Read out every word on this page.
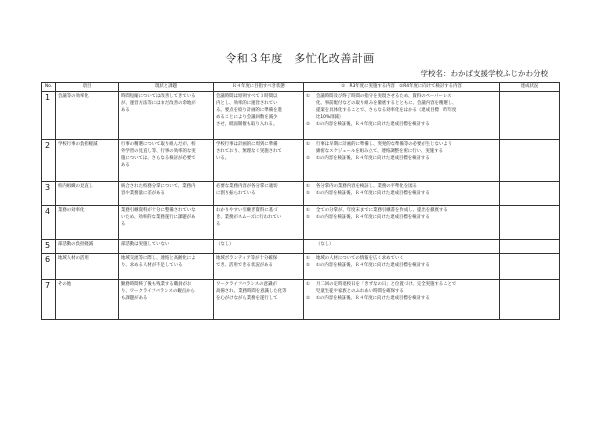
令和３年度　多忙化改善計画
学校名：わかば支援学校ふじかわ分校
No.	項目	現状と課題	Ｒ４年度に目指すべき状態	①　R3年度に実施する内容　②R4年度に向けて検討する内容	達成状況
1	会議等の効率化	時間短縮については改善してきている
が、運営方法等にはまだ改善の余地が
ある	会議時間は原則すべて１時間以
内とし、効率的に運営されてい
る。要点を絞り計画的に準備を進
めることにより会議回数を減少
させ、紙面開催も取り入れる。	① 会議時間及び终了時間の指守を実現させるため、資料のペーパーレス
化、事前配付などの取り組みを徹底するとともに、会議内容を精選し、
提案を具体化することで、さらなる効率化をはかる（達成目標　昨年度
比10%削減）
② ①の内容を検証後、Ｒ４年度に向けた達成目標を検討する	

2	学校行事の負担軽減	行事の精選について取り組んだが、校
外学習の見直し等、行事の効率的な実
施については、さらなる検討が必要で
ある	学校行事は計画的に周到に準備
されており、無理なく実施されて
いる。	① 行事は早期に計画的に準備し、突発的な準備等の必要が生じないよう
綿密なスケジュールを組み立て、連絡調整を密に行い、実施する
② ①の内容を検証後、Ｒ４年度に向けた達成目標を検討する	

3	校内組織の見直し	統合された校務分掌について、業務内
容や業務量に差がある	必要な業務内容が各分掌に適切
に割り振られている	① 各分掌内の業務内容を検証し、業務の平準化を図る
② ①の内容を検証後、Ｒ４年度に向けた達成目標を検討する	

4	業務の効率化	業務引継資料が十分に整備されていな
いため、効率的な業務遂行に課題があ
る	わかりやすい引継ぎ資料に基づ
き、業務がスムーズに行われてい
る	① 全ての分掌が、年度末までに業務引継書を作成し、提出を徹底する
② ①の内容を検証後、Ｒ４年度に向けた達成目標を検討する	

5	部活動の負担軽減	部活動は実施していない	（なし）	（なし）	

6	地域人材の活用	地域交流等に際し、連絡と高齢化によ
り、求める人材が不足している	地域ボランティア等が十分確保
でき、活用できる状況がある	① 地域の人材についての情報を広く求めていく
② ①の内容を検証後、Ｒ４年度に向けた達成目標を検討する	

7	その他	勤務時間終了後も残業する職員がお
り、ワークライフバランスの観点から
も課題がある	ワークライフバランスの意識が
高揚され、業務時間を意識した化等
を心がけながら業務を遂行して	① 月二回の定時退校日を「きずなの日」と位置づけ、完全実施することで
児童生徒や家族とのふれあい時間を確保する
② ①の内容を検証後、Ｒ４年度に向けた達成目標を検討する	
